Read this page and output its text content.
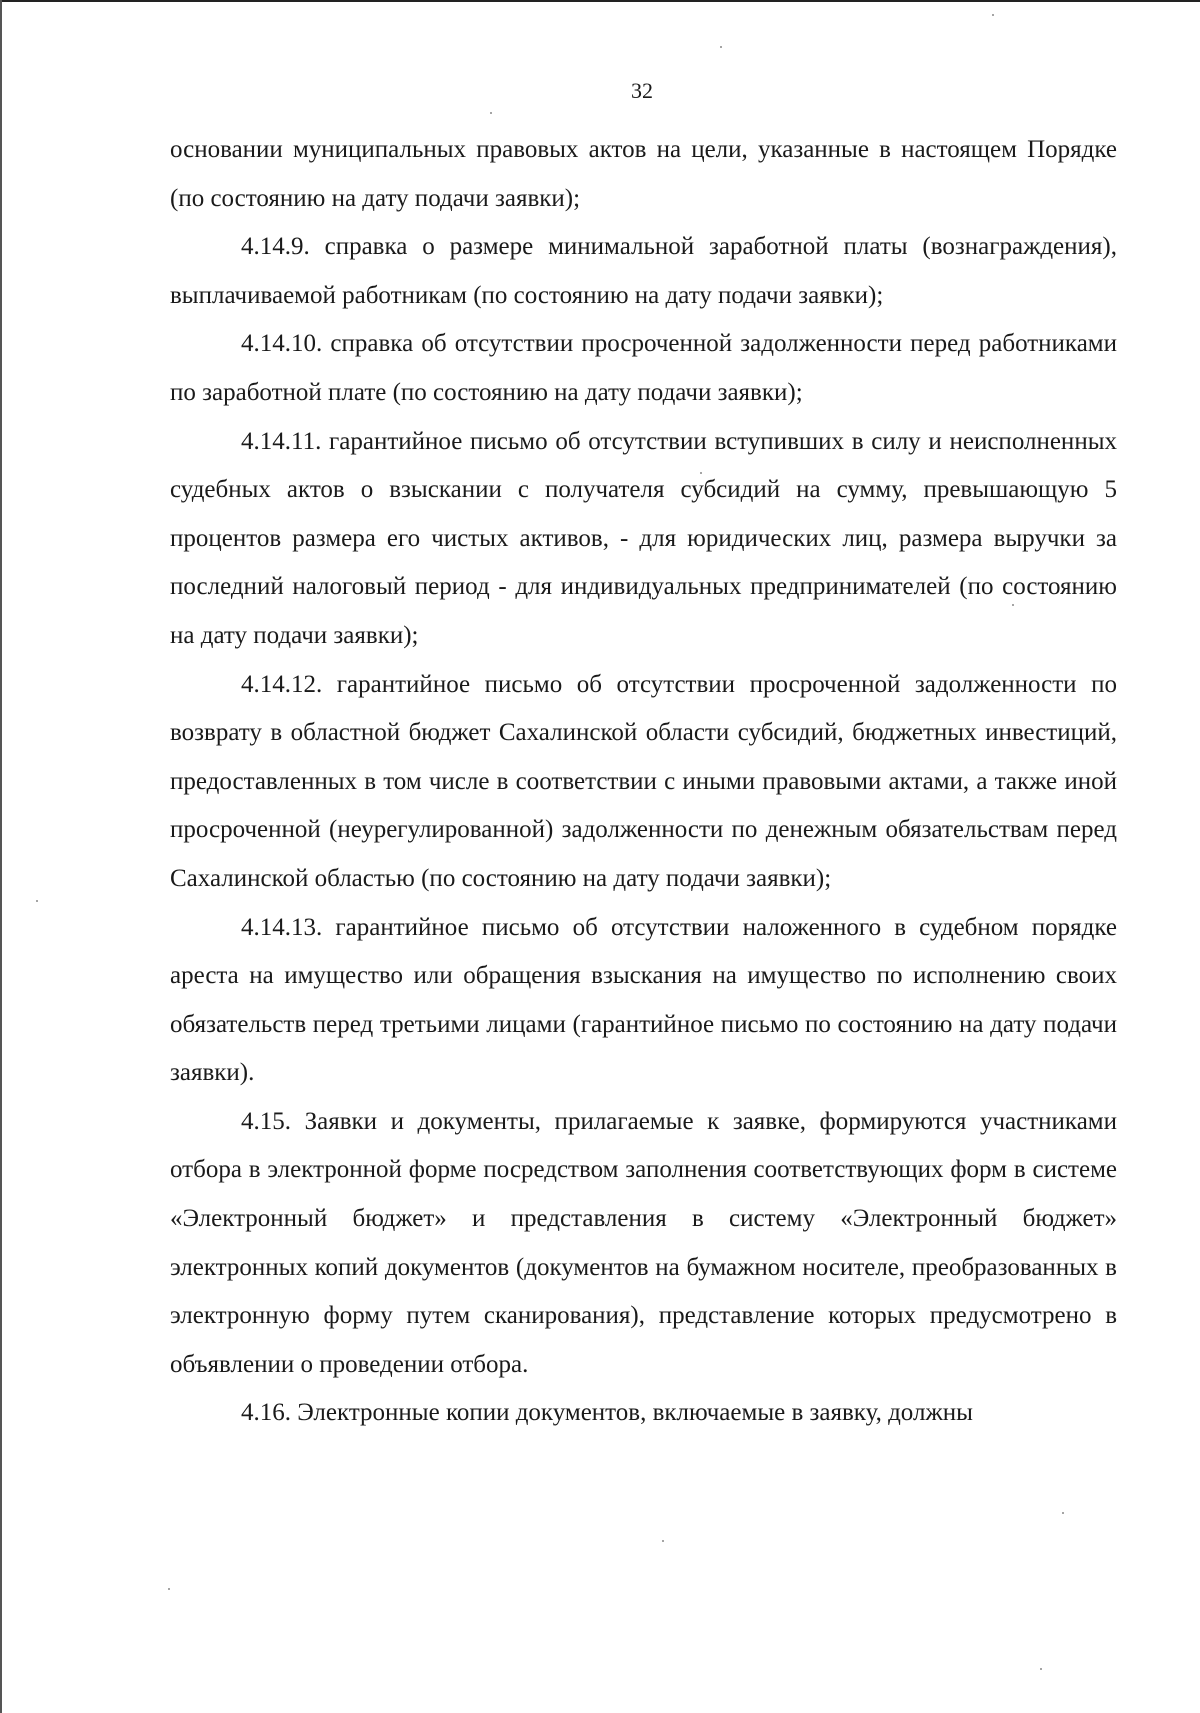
32

основании муниципальных правовых актов на цели, указанные в настоящем Порядке (по состоянию на дату подачи заявки);

4.14.9. справка о размере минимальной заработной платы (вознаграждения), выплачиваемой работникам (по состоянию на дату подачи заявки);

4.14.10. справка об отсутствии просроченной задолженности перед работниками по заработной плате (по состоянию на дату подачи заявки);

4.14.11. гарантийное письмо об отсутствии вступивших в силу и неисполненных судебных актов о взыскании с получателя субсидий на сумму, превышающую 5 процентов размера его чистых активов, - для юридических лиц, размера выручки за последний налоговый период - для индивидуальных предпринимателей (по состоянию на дату подачи заявки);

4.14.12. гарантийное письмо об отсутствии просроченной задолженности по возврату в областной бюджет Сахалинской области субсидий, бюджетных инвестиций, предоставленных в том числе в соответствии с иными правовыми актами, а также иной просроченной (неурегулированной) задолженности по денежным обязательствам перед Сахалинской областью (по состоянию на дату подачи заявки);

4.14.13. гарантийное письмо об отсутствии наложенного в судебном порядке ареста на имущество или обращения взыскания на имущество по исполнению своих обязательств перед третьими лицами (гарантийное письмо по состоянию на дату подачи заявки).

4.15. Заявки и документы, прилагаемые к заявке, формируются участниками отбора в электронной форме посредством заполнения соответствующих форм в системе «Электронный бюджет» и представления в систему «Электронный бюджет» электронных копий документов (документов на бумажном носителе, преобразованных в электронную форму путем сканирования), представление которых предусмотрено в объявлении о проведении отбора.

4.16. Электронные копии документов, включаемые в заявку, должны
